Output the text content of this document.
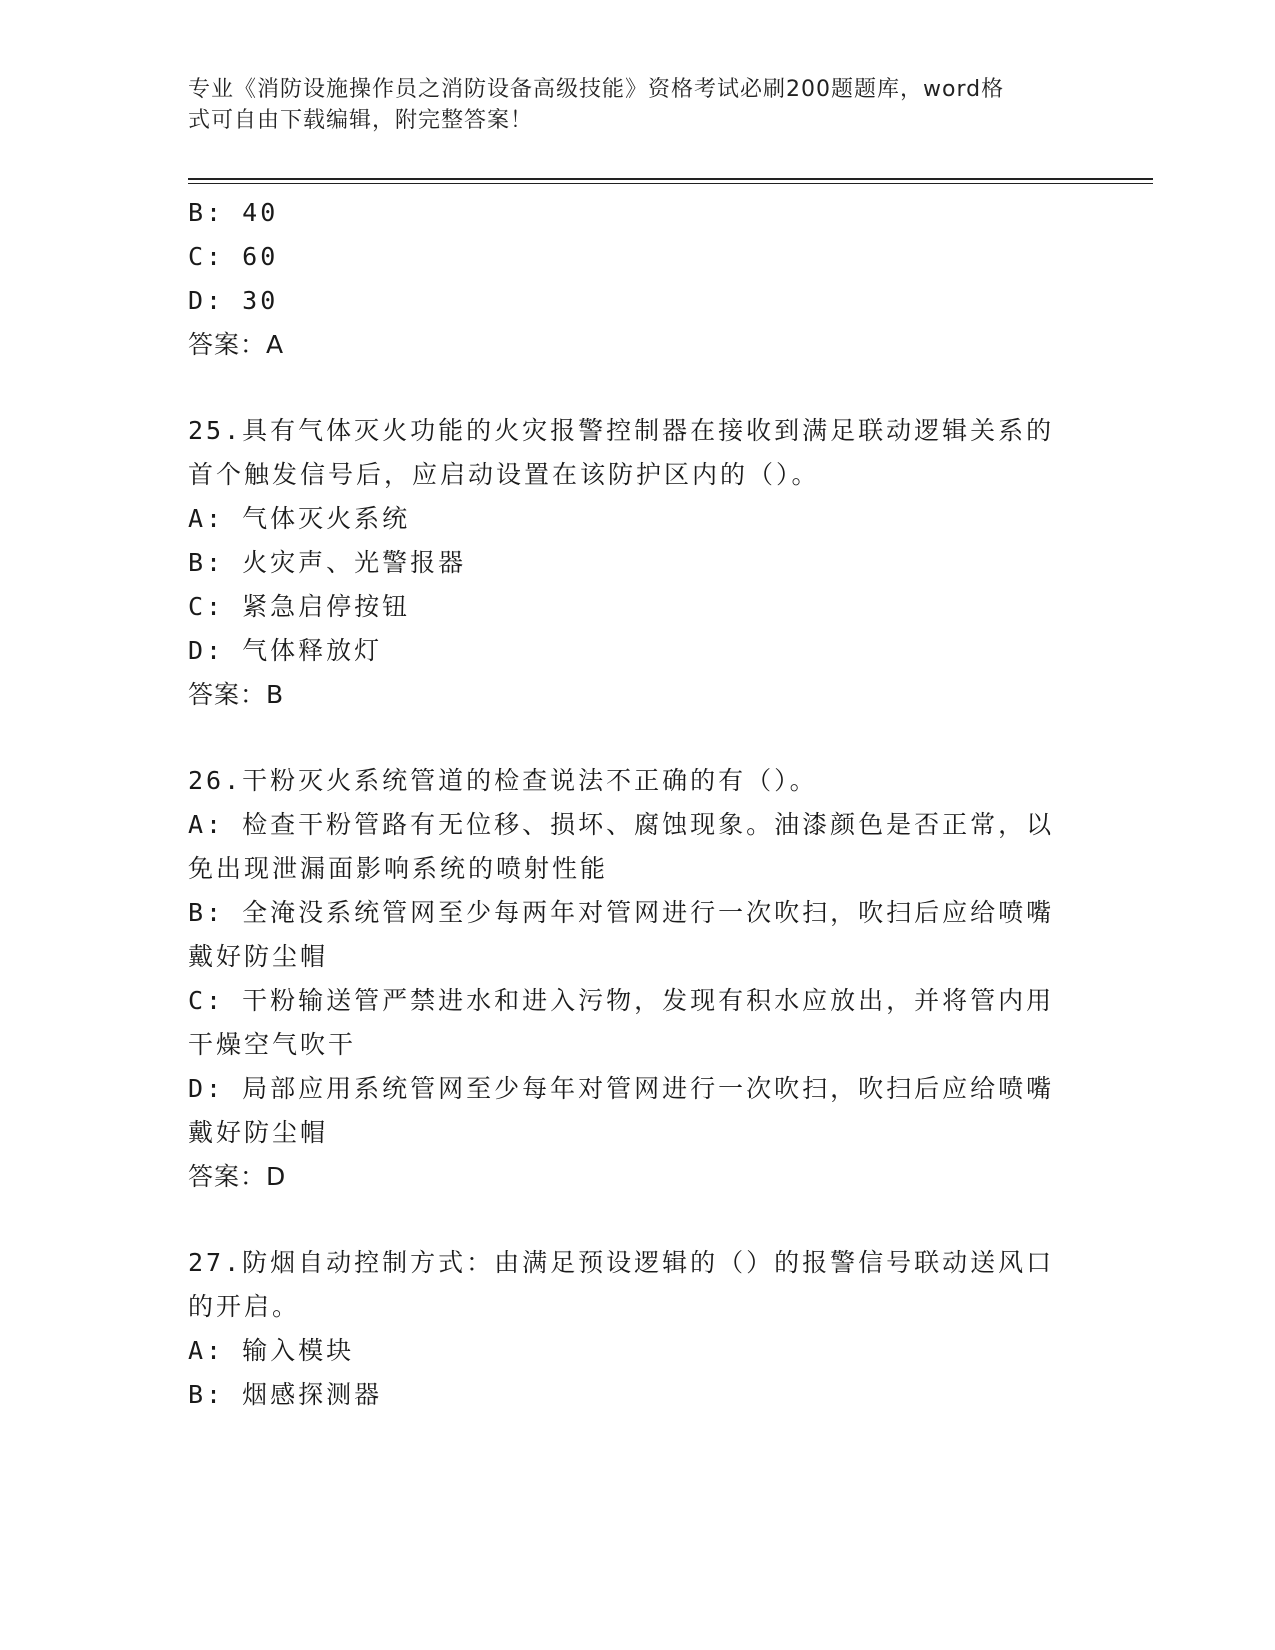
专业《消防设施操作员之消防设备高级技能》资格考试必刷200题题库，word格
式可自由下载编辑，附完整答案！
B: 40
C: 60
D: 30
答案：A
25.具有气体灭火功能的火灾报警控制器在接收到满足联动逻辑关系的
首个触发信号后，应启动设置在该防护区内的（）。
A: 气体灭火系统
B: 火灾声、光警报器
C: 紧急启停按钮
D: 气体释放灯
答案：B
26.干粉灭火系统管道的检查说法不正确的有（）。
A: 检查干粉管路有无位移、损坏、腐蚀现象。油漆颜色是否正常，以
免出现泄漏面影响系统的喷射性能
B: 全淹没系统管网至少每两年对管网进行一次吹扫，吹扫后应给喷嘴
戴好防尘帽
C: 干粉输送管严禁进水和进入污物，发现有积水应放出，并将管内用
干燥空气吹干
D: 局部应用系统管网至少每年对管网进行一次吹扫，吹扫后应给喷嘴
戴好防尘帽
答案：D
27.防烟自动控制方式：由满足预设逻辑的（）的报警信号联动送风口
的开启。
A: 输入模块
B: 烟感探测器
